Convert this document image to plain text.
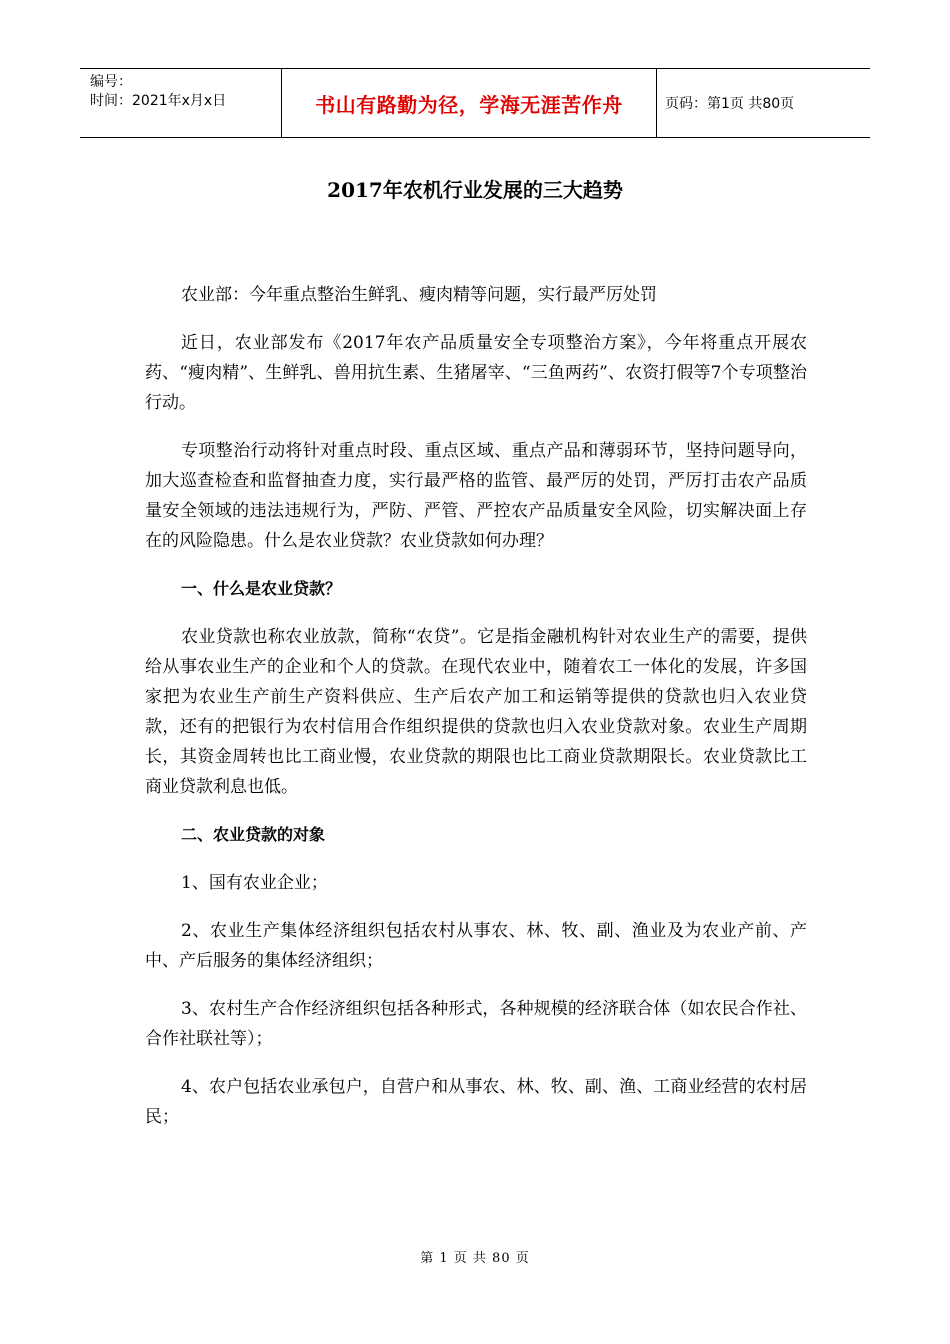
编号：
时间：2021年x月x日	书山有路勤为径，学海无涯苦作舟	页码：第1页 共80页
2017年农机行业发展的三大趋势

农业部：今年重点整治生鲜乳、瘦肉精等问题，实行最严厉处罚

近日，农业部发布《2017年农产品质量安全专项整治方案》，今年将重点开展农药、“瘦肉精”、生鲜乳、兽用抗生素、生猪屠宰、“三鱼两药”、农资打假等7个专项整治行动。

专项整治行动将针对重点时段、重点区域、重点产品和薄弱环节，坚持问题导向，加大巡查检查和监督抽查力度，实行最严格的监管、最严厉的处罚，严厉打击农产品质量安全领域的违法违规行为，严防、严管、严控农产品质量安全风险，切实解决面上存在的风险隐患。什么是农业贷款？农业贷款如何办理？

一、什么是农业贷款？

农业贷款也称农业放款，简称“农贷”。它是指金融机构针对农业生产的需要，提供给从事农业生产的企业和个人的贷款。在现代农业中，随着农工一体化的发展，许多国家把为农业生产前生产资料供应、生产后农产加工和运销等提供的贷款也归入农业贷款，还有的把银行为农村信用合作组织提供的贷款也归入农业贷款对象。农业生产周期长，其资金周转也比工商业慢，农业贷款的期限也比工商业贷款期限长。农业贷款比工商业贷款利息也低。

二、农业贷款的对象

1、国有农业企业；

2、农业生产集体经济组织包括农村从事农、林、牧、副、渔业及为农业产前、产中、产后服务的集体经济组织；

3、农村生产合作经济组织包括各种形式，各种规模的经济联合体（如农民合作社、合作社联社等）；

4、农户包括农业承包户，自营户和从事农、林、牧、副、渔、工商业经营的农村居民；

第 1 页 共 80 页
